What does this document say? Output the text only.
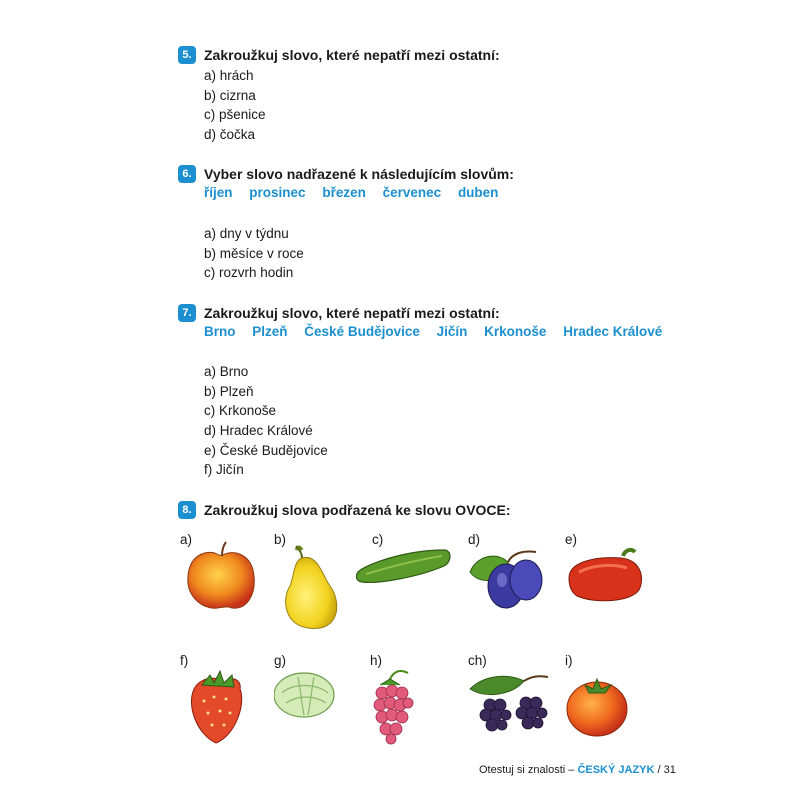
5. Zakroužkuj slovo, které nepatří mezi ostatní:
a) hrách
b) cizrna
c) pšenice
d) čočka
6. Vyber slovo nadřazené k následujícím slovům:
říjen prosinec březen červenec duben
a) dny v týdnu
b) měsíce v roce
c) rozvrh hodin
7. Zakroužkuj slovo, které nepatří mezi ostatní:
Brno Plzeň České Budějovice Jičín Krkonoše Hradec Králové
a) Brno
b) Plzeň
c) Krkonoše
d) Hradec Králové
e) České Budějovice
f) Jičín
8. Zakroužkuj slova podřazená ke slovu OVOCE:
a)	b)	c)	d)	e)
f)	g)	h)	ch)	i)
Otestuj si znalosti – ČESKÝ JAZYK / 31
